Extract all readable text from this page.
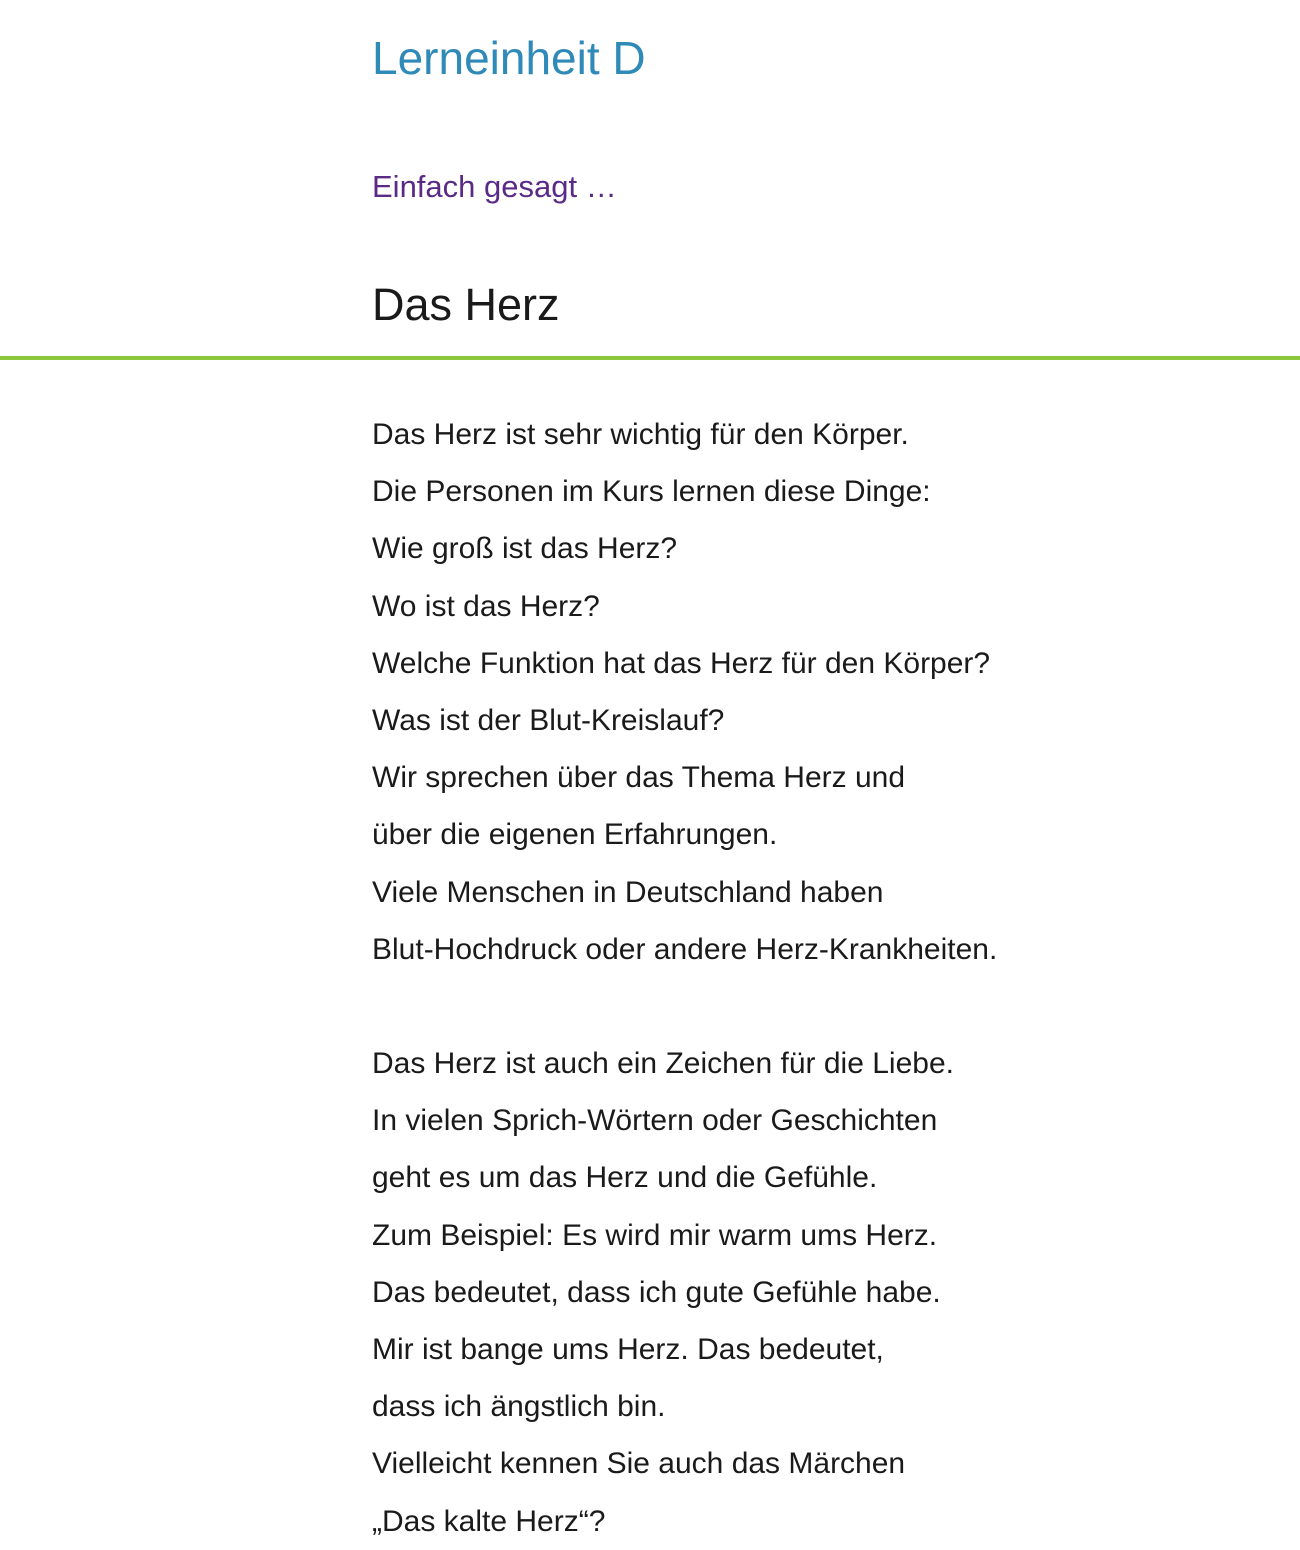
Lerneinheit D
Einfach gesagt …
Das Herz

Das Herz ist sehr wichtig für den Körper.
Die Personen im Kurs lernen diese Dinge:
Wie groß ist das Herz?
Wo ist das Herz?
Welche Funktion hat das Herz für den Körper?
Was ist der Blut-Kreislauf?
Wir sprechen über das Thema Herz und
über die eigenen Erfahrungen.
Viele Menschen in Deutschland haben
Blut-Hochdruck oder andere Herz-Krankheiten.

Das Herz ist auch ein Zeichen für die Liebe.
In vielen Sprich-Wörtern oder Geschichten
geht es um das Herz und die Gefühle.
Zum Beispiel: Es wird mir warm ums Herz.
Das bedeutet, dass ich gute Gefühle habe.
Mir ist bange ums Herz. Das bedeutet,
dass ich ängstlich bin.
Vielleicht kennen Sie auch das Märchen
„Das kalte Herz“?
